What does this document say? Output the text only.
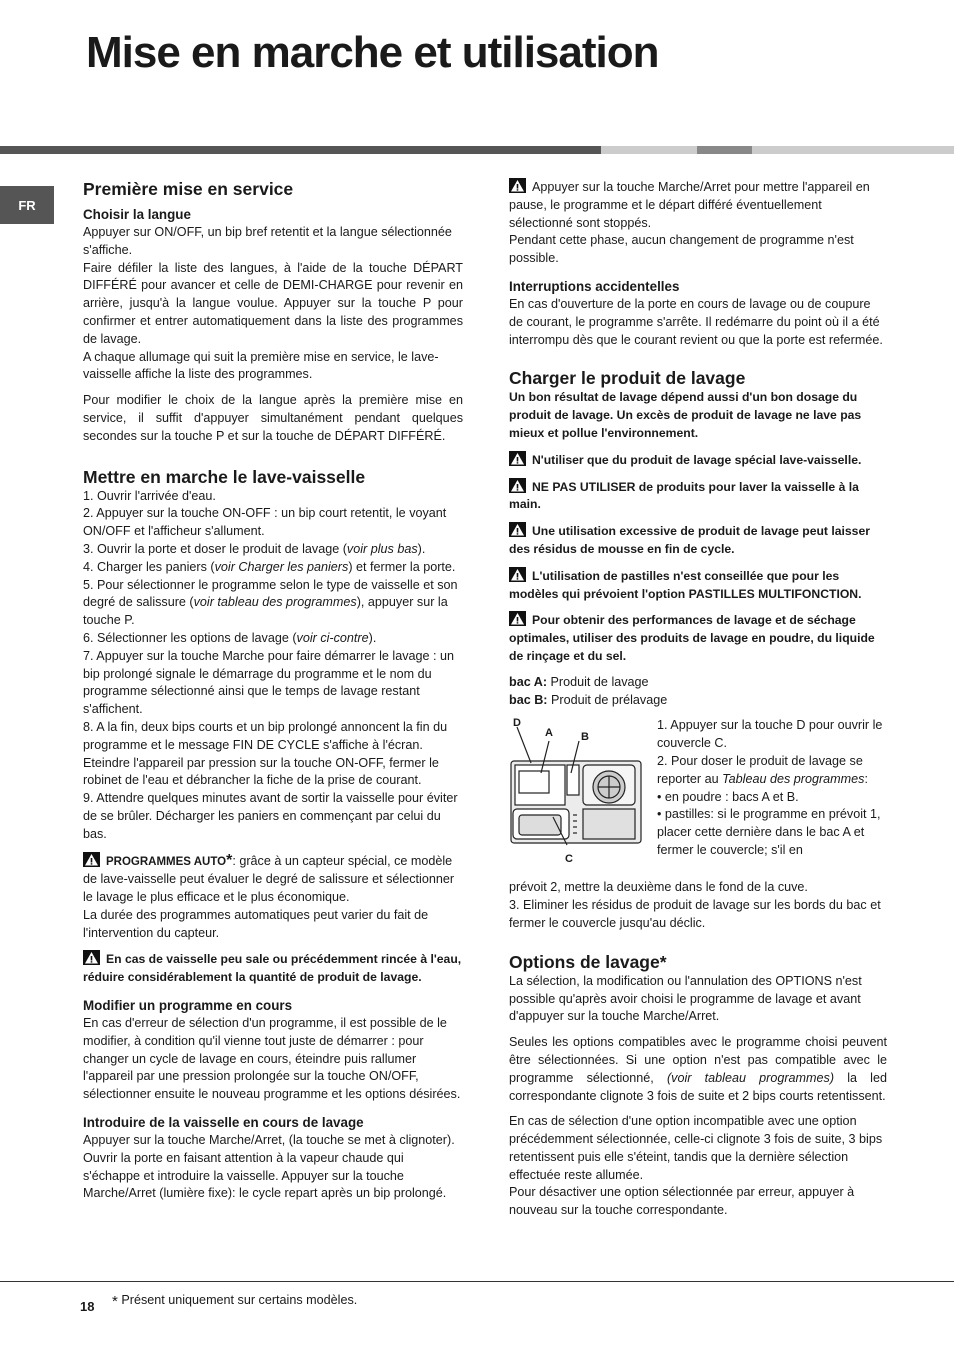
Mise en marche et utilisation
FR
Première mise en service
Choisir la langue

Appuyer sur ON/OFF, un bip bref retentit et la langue sélectionnée s'affiche.

Faire défiler la liste des langues, à l'aide de la touche DÉPART DIFFÉRÉ pour avancer et celle de DEMI-CHARGE pour revenir en arrière, jusqu'à la langue voulue. Appuyer sur la touche P pour confirmer et entrer automatiquement dans la liste des programmes de lavage.

A chaque allumage qui suit la première mise en service, le lave-vaisselle affiche la liste des programmes.

Pour modifier le choix de la langue après la première mise en service, il suffit d'appuyer simultanément pendant quelques secondes sur la touche P et sur la touche de DÉPART DIFFÉRÉ.

Mettre en marche le lave-vaisselle

1. Ouvrir l'arrivée d'eau.

2. Appuyer sur la touche ON-OFF : un bip court retentit, le voyant ON/OFF et l'afficheur s'allument.

3. Ouvrir la porte et doser le produit de lavage (voir plus bas).

4. Charger les paniers (voir Charger les paniers) et fermer la porte.

5. Pour sélectionner le programme selon le type de vaisselle et son degré de salissure (voir tableau des programmes), appuyer sur la touche P.

6. Sélectionner les options de lavage (voir ci-contre).

7. Appuyer sur la touche Marche pour faire démarrer le lavage : un bip prolongé signale le démarrage du programme et le nom du programme sélectionné ainsi que le temps de lavage restant s'affichent.

8. A la fin, deux bips courts et un bip prolongé annoncent la fin du programme et le message FIN DE CYCLE s'affiche à l'écran. Eteindre l'appareil par pression sur la touche ON-OFF, fermer le robinet de l'eau et débrancher la fiche de la prise de courant.

9. Attendre quelques minutes avant de sortir la vaisselle pour éviter de se brûler. Décharger les paniers en commençant par celui du bas.

PROGRAMMES AUTO*: grâce à un capteur spécial, ce modèle de lave-vaisselle peut évaluer le degré de salissure et sélectionner le lavage le plus efficace et le plus économique.

La durée des programmes automatiques peut varier du fait de l'intervention du capteur.

En cas de vaisselle peu sale ou précédemment rincée à l'eau, réduire considérablement la quantité de produit de lavage.

Modifier un programme en cours

En cas d'erreur de sélection d'un programme, il est possible de le modifier, à condition qu'il vienne tout juste de démarrer : pour changer un cycle de lavage en cours, éteindre puis rallumer l'appareil par une pression prolongée sur la touche ON/OFF, sélectionner ensuite le nouveau programme et les options désirées.

Introduire de la vaisselle en cours de lavage

Appuyer sur la touche Marche/Arret, (la touche se met à clignoter). Ouvrir la porte en faisant attention à la vapeur chaude qui s'échappe et introduire la vaisselle. Appuyer sur la touche Marche/Arret (lumière fixe): le cycle repart après un bip prolongé.

Appuyer sur la touche Marche/Arret pour mettre l'appareil en pause, le programme et le départ différé éventuellement sélectionné sont stoppés.

Pendant cette phase, aucun changement de programme n'est possible.

Interruptions accidentelles

En cas d'ouverture de la porte en cours de lavage ou de coupure de courant, le programme s'arrête. Il redémarre du point où il a été interrompu dès que le courant revient ou que la porte est refermée.

Charger le produit de lavage

Un bon résultat de lavage dépend aussi d'un bon dosage du produit de lavage. Un excès de produit de lavage ne lave pas mieux et pollue l'environnement.

N'utiliser que du produit de lavage spécial lave-vaisselle.

NE PAS UTILISER de produits pour laver la vaisselle à la main.

Une utilisation excessive de produit de lavage peut laisser des résidus de mousse en fin de cycle.

L'utilisation de pastilles n'est conseillée que pour les modèles qui prévoient l'option PASTILLES MULTIFONCTION.

Pour obtenir des performances de lavage et de séchage optimales, utiliser des produits de lavage en poudre, du liquide de rinçage et du sel.

bac A: Produit de lavage

bac B: Produit de prélavage

D
A	B
C

1. Appuyer sur la touche D pour ouvrir le couvercle C.

2. Pour doser le produit de lavage se reporter au Tableau des programmes:

• en poudre : bacs A et B.

• pastilles: si le programme en prévoit 1, placer cette dernière dans le bac A et fermer le couvercle; s'il en

prévoit 2, mettre la deuxième dans le fond de la cuve.

3. Eliminer les résidus de produit de lavage sur les bords du bac et fermer le couvercle jusqu'au déclic.

Options de lavage*

La sélection, la modification ou l'annulation des OPTIONS n'est possible qu'après avoir choisi le programme de lavage et avant d'appuyer sur la touche Marche/Arret.

Seules les options compatibles avec le programme choisi peuvent être sélectionnées. Si une option n'est pas compatible avec le programme sélectionné, (voir tableau programmes) la led correspondante clignote 3 fois de suite et 2 bips courts retentissent.

En cas de sélection d'une option incompatible avec une option précédemment sélectionnée, celle-ci clignote 3 fois de suite, 3 bips retentissent puis elle s'éteint, tandis que la dernière sélection effectuée reste allumée.

Pour désactiver une option sélectionnée par erreur, appuyer à nouveau sur la touche correspondante.

18 * Présent uniquement sur certains modèles.
